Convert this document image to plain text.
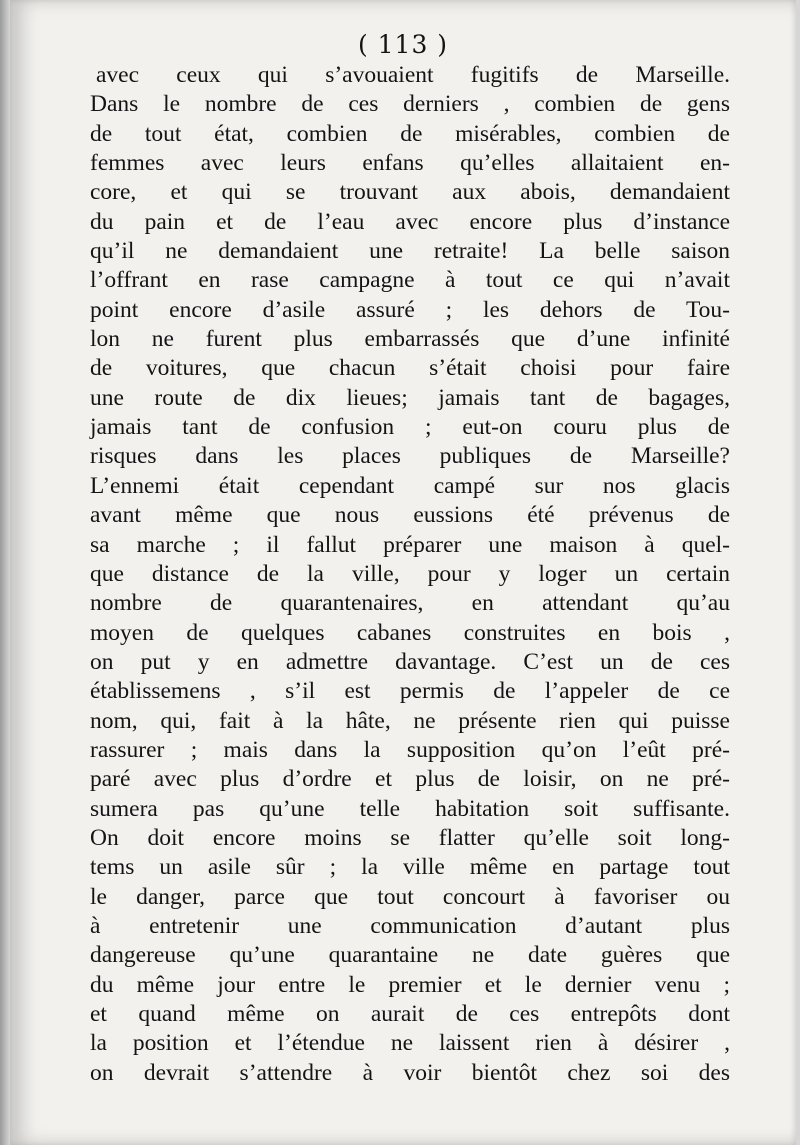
( 113 )
avec ceux qui s’avouaient fugitifs de Marseille.
Dans le nombre de ces derniers , combien de gens
de tout état, combien de misérables, combien de
femmes avec leurs enfans qu’elles allaitaient en-
core, et qui se trouvant aux abois, demandaient
du pain et de l’eau avec encore plus d’instance
qu’il ne demandaient une retraite! La belle saison
l’offrant en rase campagne à tout ce qui n’avait
point encore d’asile assuré ; les dehors de Tou-
lon ne furent plus embarrassés que d’une infinité
de voitures, que chacun s’était choisi pour faire
une route de dix lieues; jamais tant de bagages,
jamais tant de confusion ; eut-on couru plus de
risques dans les places publiques de Marseille?
L’ennemi était cependant campé sur nos glacis
avant même que nous eussions été prévenus de
sa marche ; il fallut préparer une maison à quel-
que distance de la ville, pour y loger un certain
nombre de quarantenaires, en attendant qu’au
moyen de quelques cabanes construites en bois ,
on put y en admettre davantage. C’est un de ces
établissemens , s’il est permis de l’appeler de ce
nom, qui, fait à la hâte, ne présente rien qui puisse
rassurer ; mais dans la supposition qu’on l’eût pré-
paré avec plus d’ordre et plus de loisir, on ne pré-
sumera pas qu’une telle habitation soit suffisante.
On doit encore moins se flatter qu’elle soit long-
tems un asile sûr ; la ville même en partage tout
le danger, parce que tout concourt à favoriser ou
à entretenir une communication d’autant plus
dangereuse qu’une quarantaine ne date guères que
du même jour entre le premier et le dernier venu ;
et quand même on aurait de ces entrepôts dont
la position et l’étendue ne laissent rien à désirer ,
on devrait s’attendre à voir bientôt chez soi des
